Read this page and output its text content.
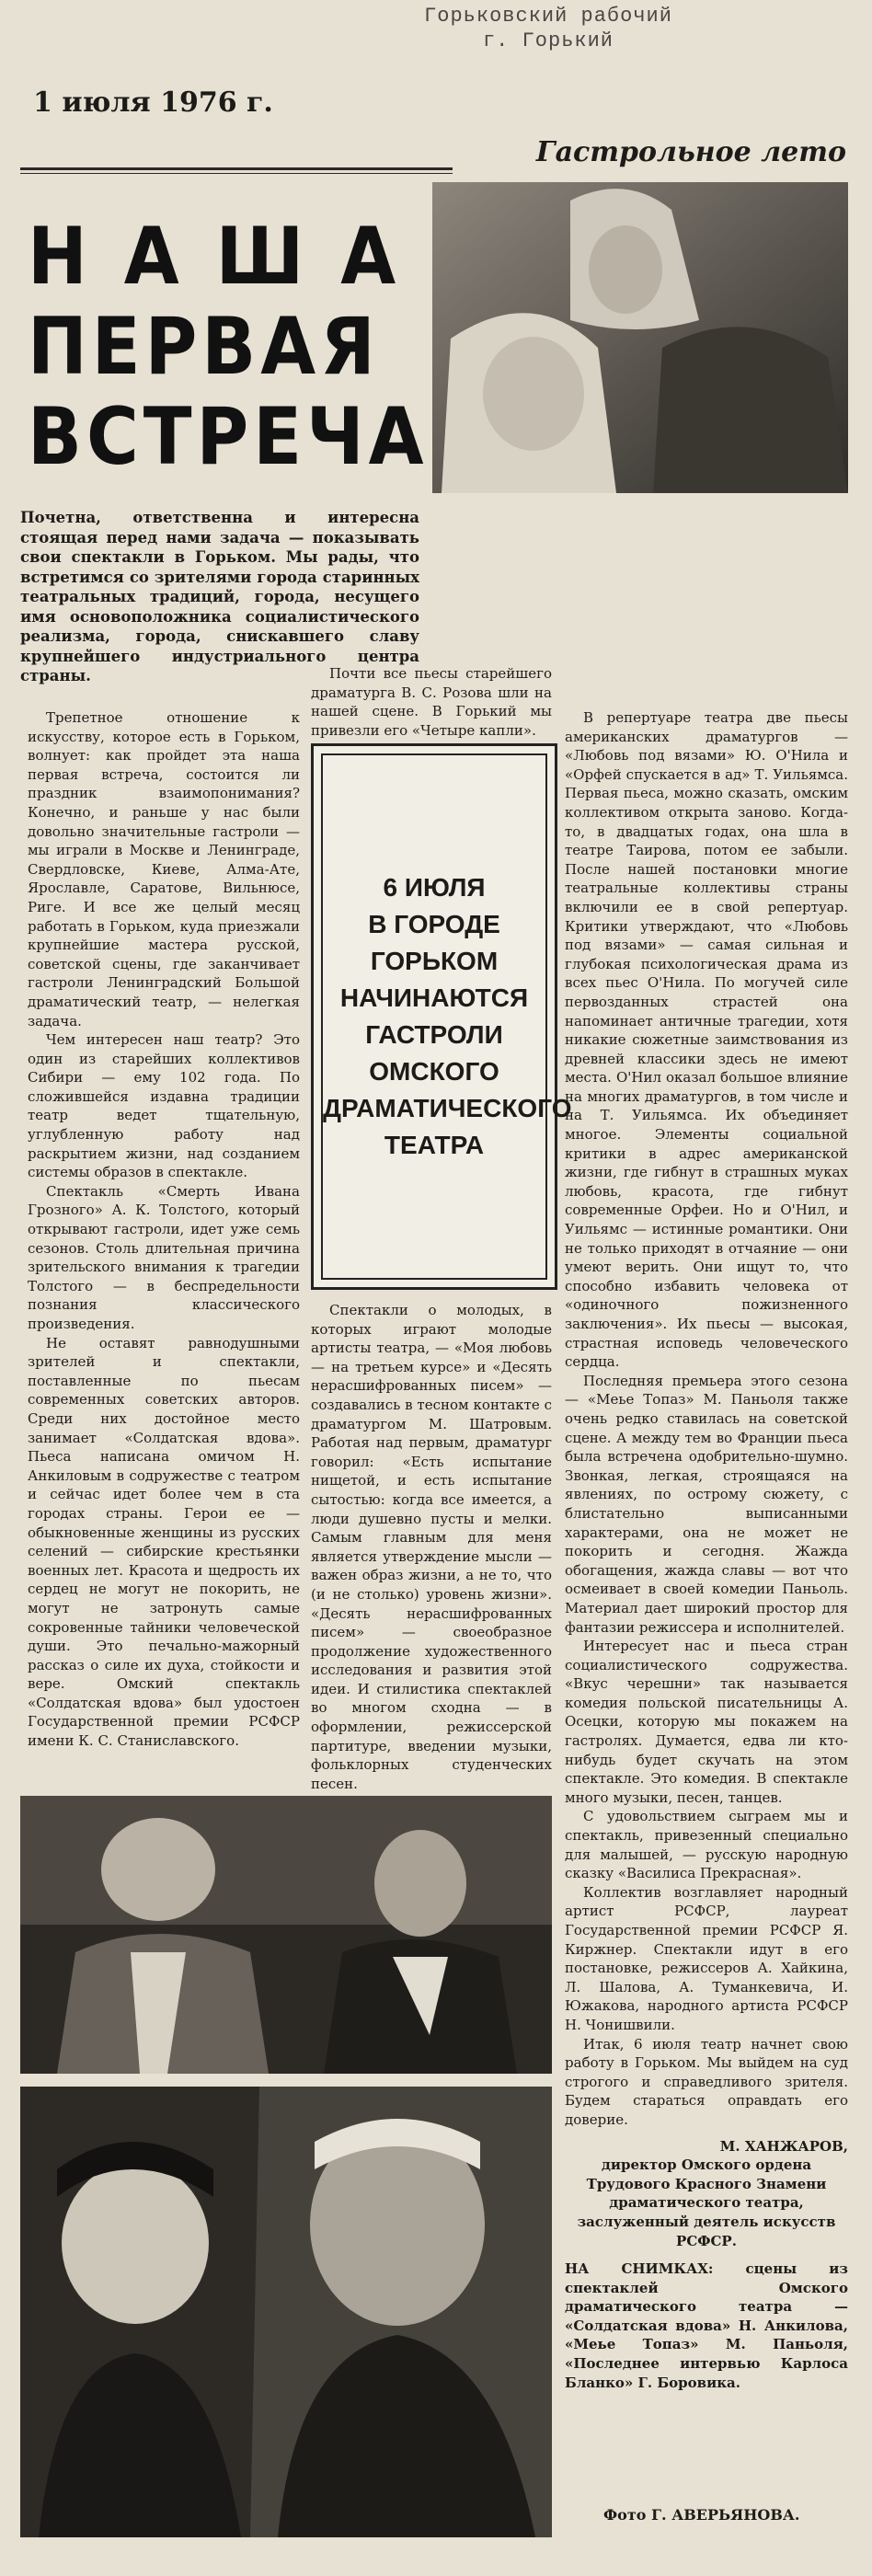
Горьковский рабочий
г. Горький
1 июля 1976 г.
Гастрольное лето
НАША
ПЕРВАЯ
ВСТРЕЧА
Почетна, ответственна и интересна стоящая перед нами задача — показывать свои спектакли в Горьком. Мы рады, что встретимся со зрителями города старинных театральных традиций, города, несущего имя основоположника социалистического реализма, города, снискавшего славу крупнейшего индустриального центра страны.

Трепетное отношение к искусству, которое есть в Горьком, волнует: как пройдет эта наша первая встреча, состоится ли праздник взаимопонимания? Конечно, и раньше у нас были довольно значительные гастроли — мы играли в Москве и Ленинграде, Свердловске, Киеве, Алма-Ате, Ярославле, Саратове, Вильнюсе, Риге. И все же целый месяц работать в Горьком, куда приезжали крупнейшие мастера русской, советской сцены, где заканчивает гастроли Ленинградский Большой драматический театр, — нелегкая задача.

Чем интересен наш театр? Это один из старейших коллективов Сибири — ему 102 года. По сложившейся издавна традиции театр ведет тщательную, углубленную работу над раскрытием жизни, над созданием системы образов в спектакле.

Спектакль «Смерть Ивана Грозного» А. К. Толстого, который открывают гастроли, идет уже семь сезонов. Столь длительная причина зрительского внимания к трагедии Толстого — в беспредельности познания классического произведения.

Не оставят равнодушными зрителей и спектакли, поставленные по пьесам современных советских авторов. Среди них достойное место занимает «Солдатская вдова». Пьеса написана омичом Н. Анкиловым в содружестве с театром и сейчас идет более чем в ста городах страны. Герои ее — обыкновенные женщины из русских селений — сибирские крестьянки военных лет. Красота и щедрость их сердец не могут не покорить, не могут не затронуть самые сокровенные тайники человеческой души. Это печально-мажорный рассказ о силе их духа, стойкости и вере. Омский спектакль «Солдатская вдова» был удостоен Государственной премии РСФСР имени К. С. Станиславского.

Почти все пьесы старейшего драматурга В. С. Розова шли на нашей сцене. В Горький мы привезли его «Четыре капли».

6 ИЮЛЯ
В ГОРОДЕ ГОРЬКОМ
НАЧИНАЮТСЯ
ГАСТРОЛИ
ОМСКОГО
ДРАМАТИЧЕСКОГО
ТЕАТРА

Спектакли о молодых, в которых играют молодые артисты театра, — «Моя любовь — на третьем курсе» и «Десять нерасшифрованных писем» — создавались в тесном контакте с драматургом М. Шатровым. Работая над первым, драматург говорил: «Есть испытание нищетой, и есть испытание сытостью: когда все имеется, а люди душевно пусты и мелки. Самым главным для меня является утверждение мысли — важен образ жизни, а не то, что (и не столько) уровень жизни». «Десять нерасшифрованных писем» — своеобразное продолжение художественного исследования и развития этой идеи. И стилистика спектаклей во многом сходна — в оформлении, режиссерской партитуре, введении музыки, фольклорных студенческих песен.

В репертуаре театра две пьесы американских драматургов — «Любовь под вязами» Ю. О'Нила и «Орфей спускается в ад» Т. Уильямса. Первая пьеса, можно сказать, омским коллективом открыта заново. Когда-то, в двадцатых годах, она шла в театре Таирова, потом ее забыли. После нашей постановки многие театральные коллективы страны включили ее в свой репертуар. Критики утверждают, что «Любовь под вязами» — самая сильная и глубокая психологическая драма из всех пьес О'Нила. По могучей силе первозданных страстей она напоминает античные трагедии, хотя никакие сюжетные заимствования из древней классики здесь не имеют места. О'Нил оказал большое влияние на многих драматургов, в том числе и на Т. Уильямса. Их объединяет многое. Элементы социальной критики в адрес американской жизни, где гибнут в страшных муках любовь, красота, где гибнут современные Орфеи. Но и О'Нил, и Уильямс — истинные романтики. Они не только приходят в отчаяние — они умеют верить. Они ищут то, что способно избавить человека от «одиночного пожизненного заключения». Их пьесы — высокая, страстная исповедь человеческого сердца.

Последняя премьера этого сезона — «Меье Топаз» М. Паньоля также очень редко ставилась на советской сцене. А между тем во Франции пьеса была встречена одобрительно-шумно. Звонкая, легкая, строящаяся на явлениях, по острому сюжету, с блистательно выписанными характерами, она не может не покорить и сегодня. Жажда обогащения, жажда славы — вот что осмеивает в своей комедии Паньоль. Материал дает широкий простор для фантазии режиссера и исполнителей.

Интересует нас и пьеса стран социалистического содружества. «Вкус черешни» так называется комедия польской писательницы А. Осецки, которую мы покажем на гастролях. Думается, едва ли кто-нибудь будет скучать на этом спектакле. Это комедия. В спектакле много музыки, песен, танцев.

С удовольствием сыграем мы и спектакль, привезенный специально для малышей, — русскую народную сказку «Василиса Прекрасная».

Коллектив возглавляет народный артист РСФСР, лауреат Государственной премии РСФСР Я. Киржнер. Спектакли идут в его постановке, режиссеров А. Хайкина, Л. Шалова, А. Туманкевича, И. Южакова, народного артиста РСФСР Н. Чонишвили.

Итак, 6 июля театр начнет свою работу в Горьком. Мы выйдем на суд строгого и справедливого зрителя. Будем стараться оправдать его доверие.

М. ХАНЖАРОВ,
директор Омского ордена Трудового Красного Знамени драматического театра, заслуженный деятель искусств РСФСР.
НА СНИМКАХ: сцены из спектаклей Омского драматического театра — «Солдатская вдова» Н. Анкилова, «Меье Топаз» М. Паньоля, «Последнее интервью Карлоса Бланко» Г. Боровика.
Фото Г. АВЕРЬЯНОВА.
